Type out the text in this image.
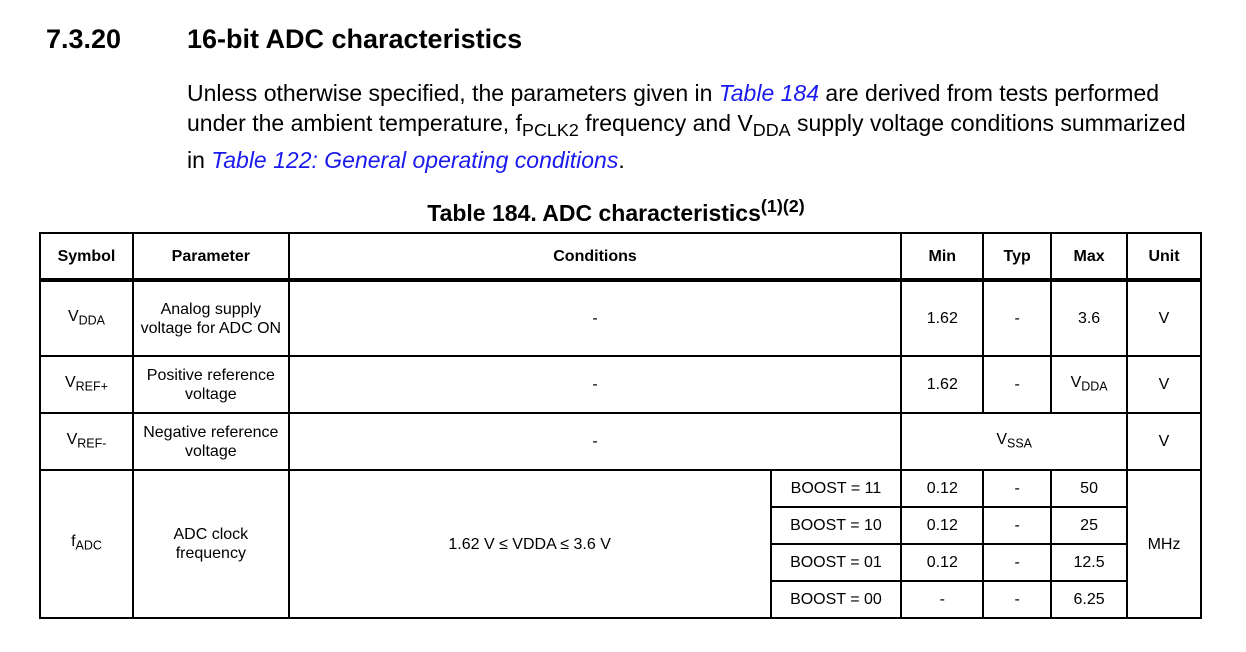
7.3.20 16-bit ADC characteristics
Unless otherwise specified, the parameters given in Table 184 are derived from tests performed under the ambient temperature, $f_{PCLK2}$ frequency and $V_{DDA}$ supply voltage conditions summarized in Table 122: General operating conditions.
Table 184. ADC characteristics$^{(1)(2)}$
Symbol	Parameter	Conditions		Min	Typ	Max	Unit
$V_{DDA}$	Analog supply voltage for ADC ON	-		1.62	-	3.6	V
$V_{REF+}$	Positive reference voltage	-		1.62	-	$V_{DDA}$	V
$V_{REF-}$	Negative reference voltage	-		$V_{SSA}$			V
$f_{ADC}$	ADC clock frequency	1.62 V ≤ VDDA ≤ 3.6 V	BOOST = 11	0.12	-	50	MHz
			BOOST = 10	0.12	-	25	
			BOOST = 01	0.12	-	12.5	
			BOOST = 00	-	-	6.25	
